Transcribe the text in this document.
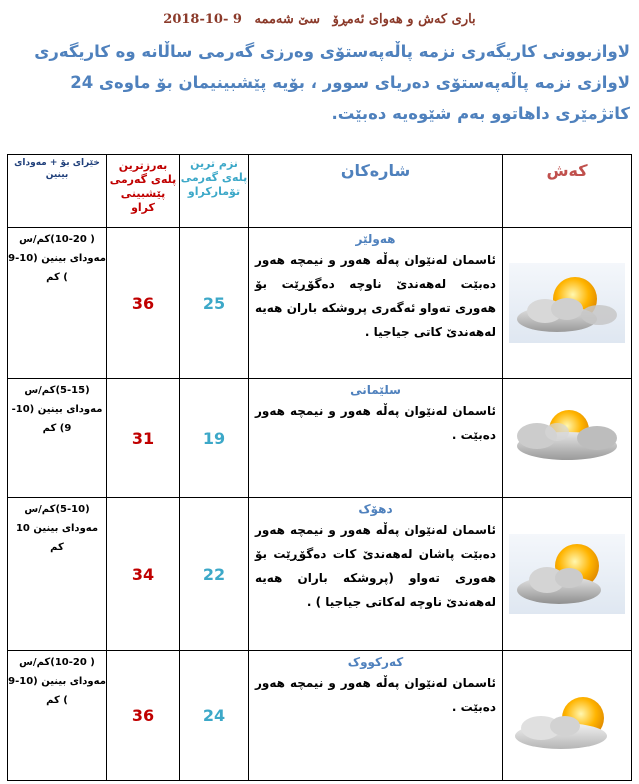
2018-10- 9 سێ شەممە باری کەش و هەوای ئەمڕۆ
لاوازبوونی کاریگەری نزمە پاڵەپەستۆی وەرزی گەرمی ساڵانە وە کاریگەری لاوازی نزمە پاڵەپەستۆی دەریای سوور ، بۆیە پێشبینیمان بۆ ماوەی 24 کاتژمێری داهاتوو بەم شێوەیە دەبێت.
خێرای بۆ + مەودای بینین	بەرزترین پلەی گەرمی پێشبینی کراو	نزم ترین پلەی گەرمی تۆمارکراو	شارەکان	کەش
( 10-20)کم/س مەودای بینین (10-9 ) کم	36	25	هەولێر
ئاسمان لەنێوان پەڵە هەور و نیمچە هەور دەبێت لەهەندێ ناوچە دەگۆڕێت بۆ هەوری تەواو ئەگەری پروشکە باران هەیە لەهەندێ کاتی جیاجیا .

(5-15)کم/س مەودای بینین (10-9) کم	31	19	سلێمانی
ئاسمان لەنێوان پەڵە هەور و نیمچە هەور دەبێت .

(5-10)کم/س مەودای بینین 10 کم	34	22	دهۆک
ئاسمان لەنێوان پەڵە هەور و نیمچە هەور دەبێت پاشان لەهەندێ کات دەگۆڕێت بۆ هەوری تەواو (پروشکە باران هەیە لەهەندێ ناوچە لەکاتی جیاجیا ) .

( 10-20)کم/س مەودای بینین (10-9 ) کم	36	24	کەرکووک
ئاسمان لەنێوان پەڵە هەور و نیمچە هەور دەبێت .
